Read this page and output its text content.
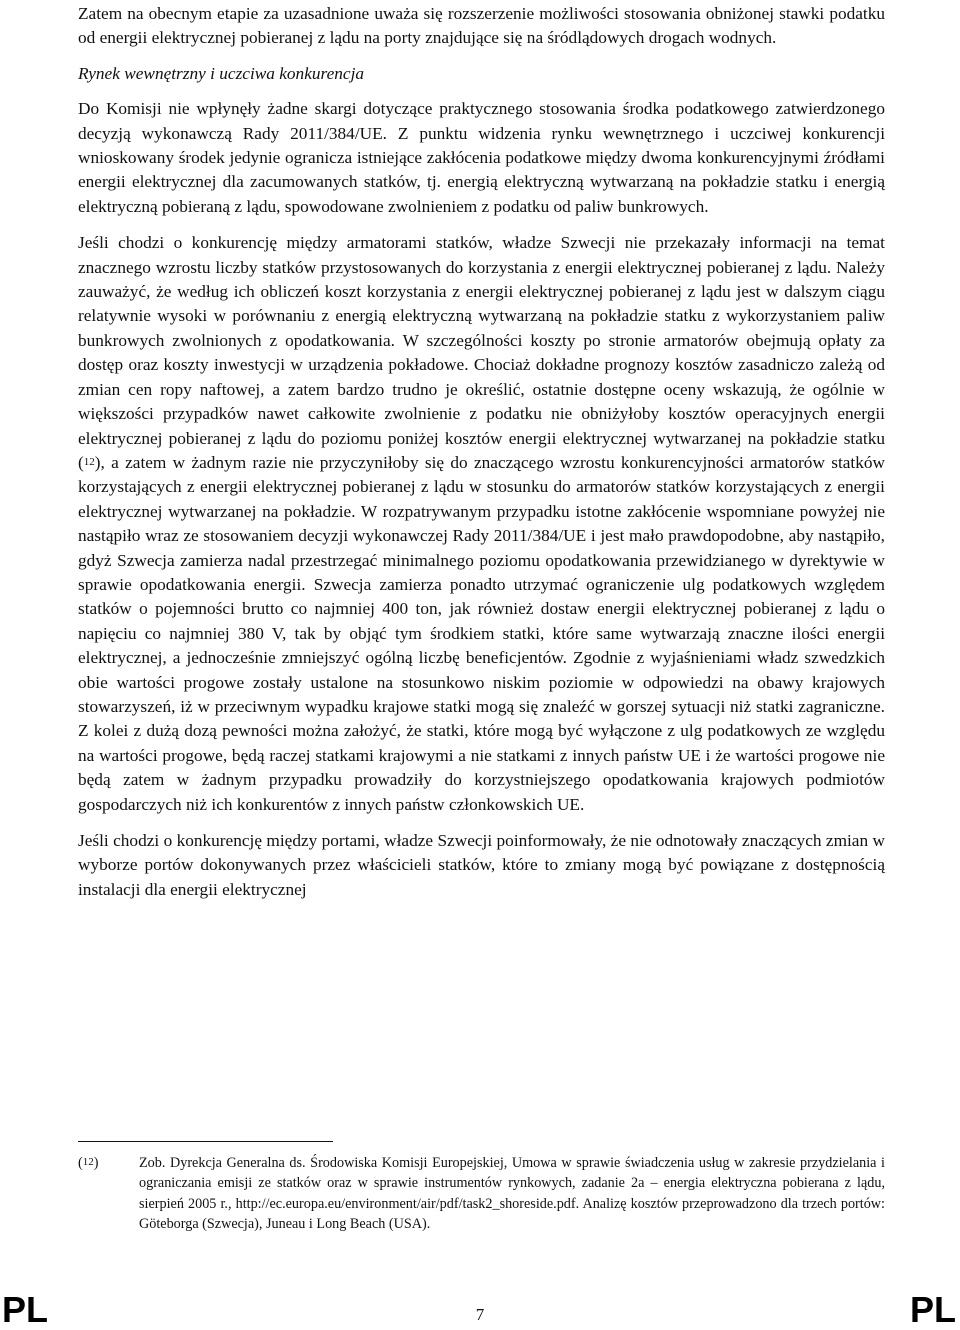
Zatem na obecnym etapie za uzasadnione uważa się rozszerzenie możliwości stosowania obniżonej stawki podatku od energii elektrycznej pobieranej z lądu na porty znajdujące się na śródlądowych drogach wodnych.

Rynek wewnętrzny i uczciwa konkurencja

Do Komisji nie wpłynęły żadne skargi dotyczące praktycznego stosowania środka podatkowego zatwierdzonego decyzją wykonawczą Rady 2011/384/UE. Z punktu widzenia rynku wewnętrznego i uczciwej konkurencji wnioskowany środek jedynie ogranicza istniejące zakłócenia podatkowe między dwoma konkurencyjnymi źródłami energii elektrycznej dla zacumowanych statków, tj. energią elektryczną wytwarzaną na pokładzie statku i energią elektryczną pobieraną z lądu, spowodowane zwolnieniem z podatku od paliw bunkrowych.

Jeśli chodzi o konkurencję między armatorami statków, władze Szwecji nie przekazały informacji na temat znacznego wzrostu liczby statków przystosowanych do korzystania z energii elektrycznej pobieranej z lądu. Należy zauważyć, że według ich obliczeń koszt korzystania z energii elektrycznej pobieranej z lądu jest w dalszym ciągu relatywnie wysoki w porównaniu z energią elektryczną wytwarzaną na pokładzie statku z wykorzystaniem paliw bunkrowych zwolnionych z opodatkowania. W szczególności koszty po stronie armatorów obejmują opłaty za dostęp oraz koszty inwestycji w urządzenia pokładowe. Chociaż dokładne prognozy kosztów zasadniczo zależą od zmian cen ropy naftowej, a zatem bardzo trudno je określić, ostatnie dostępne oceny wskazują, że ogólnie w większości przypadków nawet całkowite zwolnienie z podatku nie obniżyłoby kosztów operacyjnych energii elektrycznej pobieranej z lądu do poziomu poniżej kosztów energii elektrycznej wytwarzanej na pokładzie statku ($^{12}$), a zatem w żadnym razie nie przyczyniłoby się do znaczącego wzrostu konkurencyjności armatorów statków korzystających z energii elektrycznej pobieranej z lądu w stosunku do armatorów statków korzystających z energii elektrycznej wytwarzanej na pokładzie. W rozpatrywanym przypadku istotne zakłócenie wspomniane powyżej nie nastąpiło wraz ze stosowaniem decyzji wykonawczej Rady 2011/384/UE i jest mało prawdopodobne, aby nastąpiło, gdyż Szwecja zamierza nadal przestrzegać minimalnego poziomu opodatkowania przewidzianego w dyrektywie w sprawie opodatkowania energii. Szwecja zamierza ponadto utrzymać ograniczenie ulg podatkowych względem statków o pojemności brutto co najmniej 400 ton, jak również dostaw energii elektrycznej pobieranej z lądu o napięciu co najmniej 380 V, tak by objąć tym środkiem statki, które same wytwarzają znaczne ilości energii elektrycznej, a jednocześnie zmniejszyć ogólną liczbę beneficjentów. Zgodnie z wyjaśnieniami władz szwedzkich obie wartości progowe zostały ustalone na stosunkowo niskim poziomie w odpowiedzi na obawy krajowych stowarzyszeń, iż w przeciwnym wypadku krajowe statki mogą się znaleźć w gorszej sytuacji niż statki zagraniczne. Z kolei z dużą dozą pewności można założyć, że statki, które mogą być wyłączone z ulg podatkowych ze względu na wartości progowe, będą raczej statkami krajowymi a nie statkami z innych państw UE i że wartości progowe nie będą zatem w żadnym przypadku prowadziły do korzystniejszego opodatkowania krajowych podmiotów gospodarczych niż ich konkurentów z innych państw członkowskich UE.

Jeśli chodzi o konkurencję między portami, władze Szwecji poinformowały, że nie odnotowały znaczących zmian w wyborze portów dokonywanych przez właścicieli statków, które to zmiany mogą być powiązane z dostępnością instalacji dla energii elektrycznej

($^{12}$)	Zob. Dyrekcja Generalna ds. Środowiska Komisji Europejskiej, Umowa w sprawie świadczenia usług w zakresie przydzielania i ograniczania emisji ze statków oraz w sprawie instrumentów rynkowych, zadanie 2a – energia elektryczna pobierana z lądu, sierpień 2005 r., http://ec.europa.eu/environment/air/pdf/task2_shoreside.pdf. Analizę kosztów przeprowadzono dla trzech portów: Göteborga (Szwecja), Juneau i Long Beach (USA).
PL	7	PL
